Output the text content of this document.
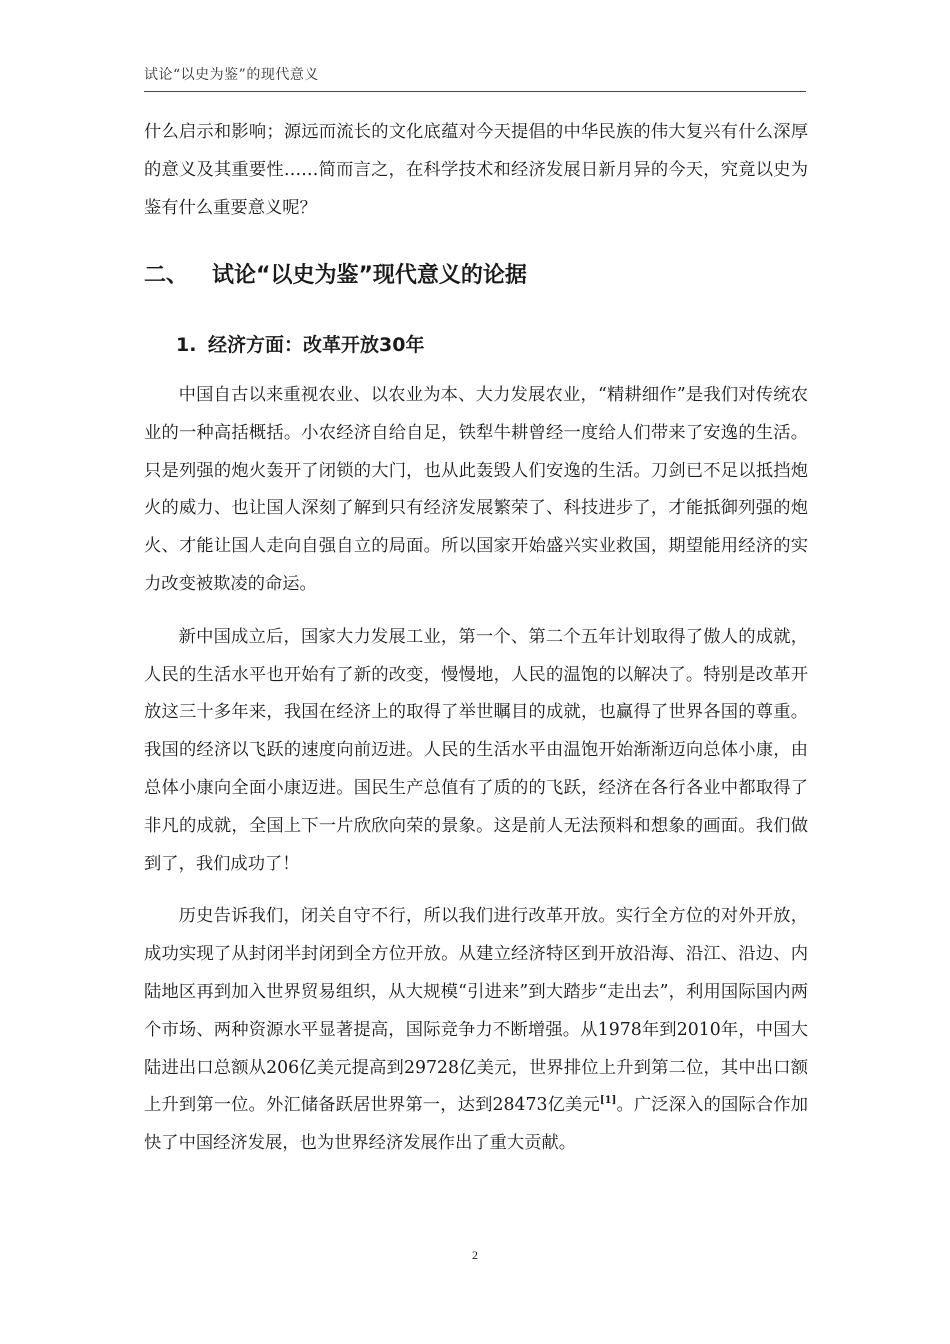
试论“以史为鉴”的现代意义

什么启示和影响；源远而流长的文化底蕴对今天提倡的中华民族的伟大复兴有什么深厚的意义及其重要性……简而言之，在科学技术和经济发展日新月异的今天，究竟以史为鉴有什么重要意义呢？

二、	试论“以史为鉴”现代意义的论据
1. 经济方面：改革开放30年

中国自古以来重视农业、以农业为本、大力发展农业，“精耕细作”是我们对传统农业的一种高括概括。小农经济自给自足，铁犁牛耕曾经一度给人们带来了安逸的生活。只是列强的炮火轰开了闭锁的大门，也从此轰毁人们安逸的生活。刀剑已不足以抵挡炮火的威力、也让国人深刻了解到只有经济发展繁荣了、科技进步了，才能抵御列强的炮火、才能让国人走向自强自立的局面。所以国家开始盛兴实业救国，期望能用经济的实力改变被欺凌的命运。

新中国成立后，国家大力发展工业，第一个、第二个五年计划取得了傲人的成就，人民的生活水平也开始有了新的改变，慢慢地，人民的温饱的以解决了。特别是改革开放这三十多年来，我国在经济上的取得了举世瞩目的成就，也赢得了世界各国的尊重。我国的经济以飞跃的速度向前迈进。人民的生活水平由温饱开始渐渐迈向总体小康，由总体小康向全面小康迈进。国民生产总值有了质的的飞跃，经济在各行各业中都取得了非凡的成就，全国上下一片欣欣向荣的景象。这是前人无法预料和想象的画面。我们做到了，我们成功了！

历史告诉我们，闭关自守不行，所以我们进行改革开放。实行全方位的对外开放，成功实现了从封闭半封闭到全方位开放。从建立经济特区到开放沿海、沿江、沿边、内陆地区再到加入世界贸易组织，从大规模“引进来”到大踏步“走出去”，利用国际国内两个市场、两种资源水平显著提高，国际竞争力不断增强。从1978年到2010年，中国大陆进出口总额从206亿美元提高到29728亿美元，世界排位上升到第二位，其中出口额上升到第一位。外汇储备跃居世界第一，达到28473亿美元[1]。广泛深入的国际合作加快了中国经济发展，也为世界经济发展作出了重大贡献。

2
